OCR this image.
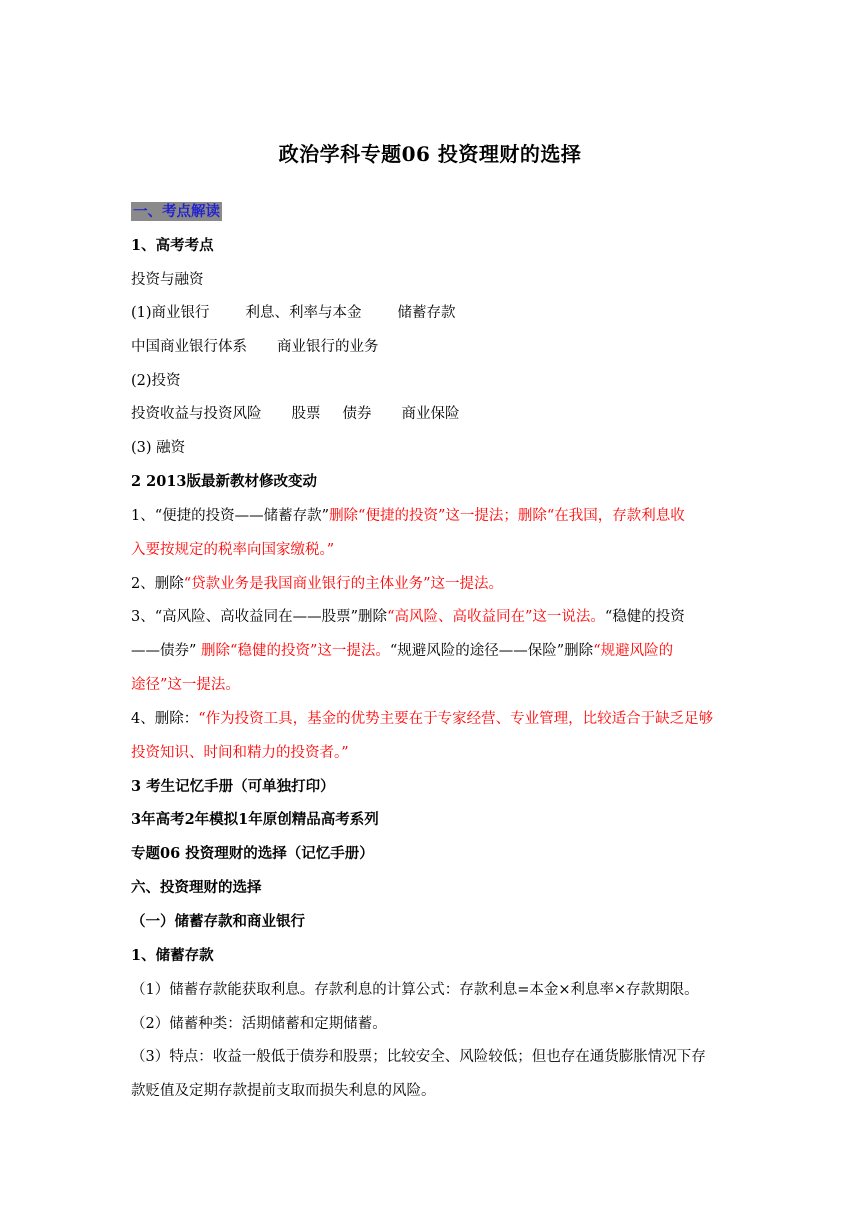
政治学科专题06 投资理财的选择
一、考点解读
1、高考考点
投资与融资
(1)商业银行 利息、利率与本金 储蓄存款
中国商业银行体系 商业银行的业务
(2)投资
投资收益与投资风险 股票 债券 商业保险
(3) 融资
2 2013版最新教材修改变动
1、“便捷的投资——储蓄存款”删除“便捷的投资”这一提法；删除“在我国，存款利息收
入要按规定的税率向国家缴税。”
2、删除“贷款业务是我国商业银行的主体业务”这一提法。
3、“高风险、高收益同在——股票”删除“高风险、高收益同在”这一说法。“稳健的投资
——债券” 删除“稳健的投资”这一提法。“规避风险的途径——保险”删除“规避风险的
途径”这一提法。
4、删除：“作为投资工具，基金的优势主要在于专家经营、专业管理，比较适合于缺乏足够
投资知识、时间和精力的投资者。”
3 考生记忆手册（可单独打印）
3年高考2年模拟1年原创精品高考系列
专题06 投资理财的选择（记忆手册）
六、投资理财的选择
（一）储蓄存款和商业银行
1、储蓄存款
（1）储蓄存款能获取利息。存款利息的计算公式：存款利息=本金×利息率×存款期限。
（2）储蓄种类：活期储蓄和定期储蓄。
（3）特点：收益一般低于债券和股票；比较安全、风险较低；但也存在通货膨胀情况下存
款贬值及定期存款提前支取而损失利息的风险。
